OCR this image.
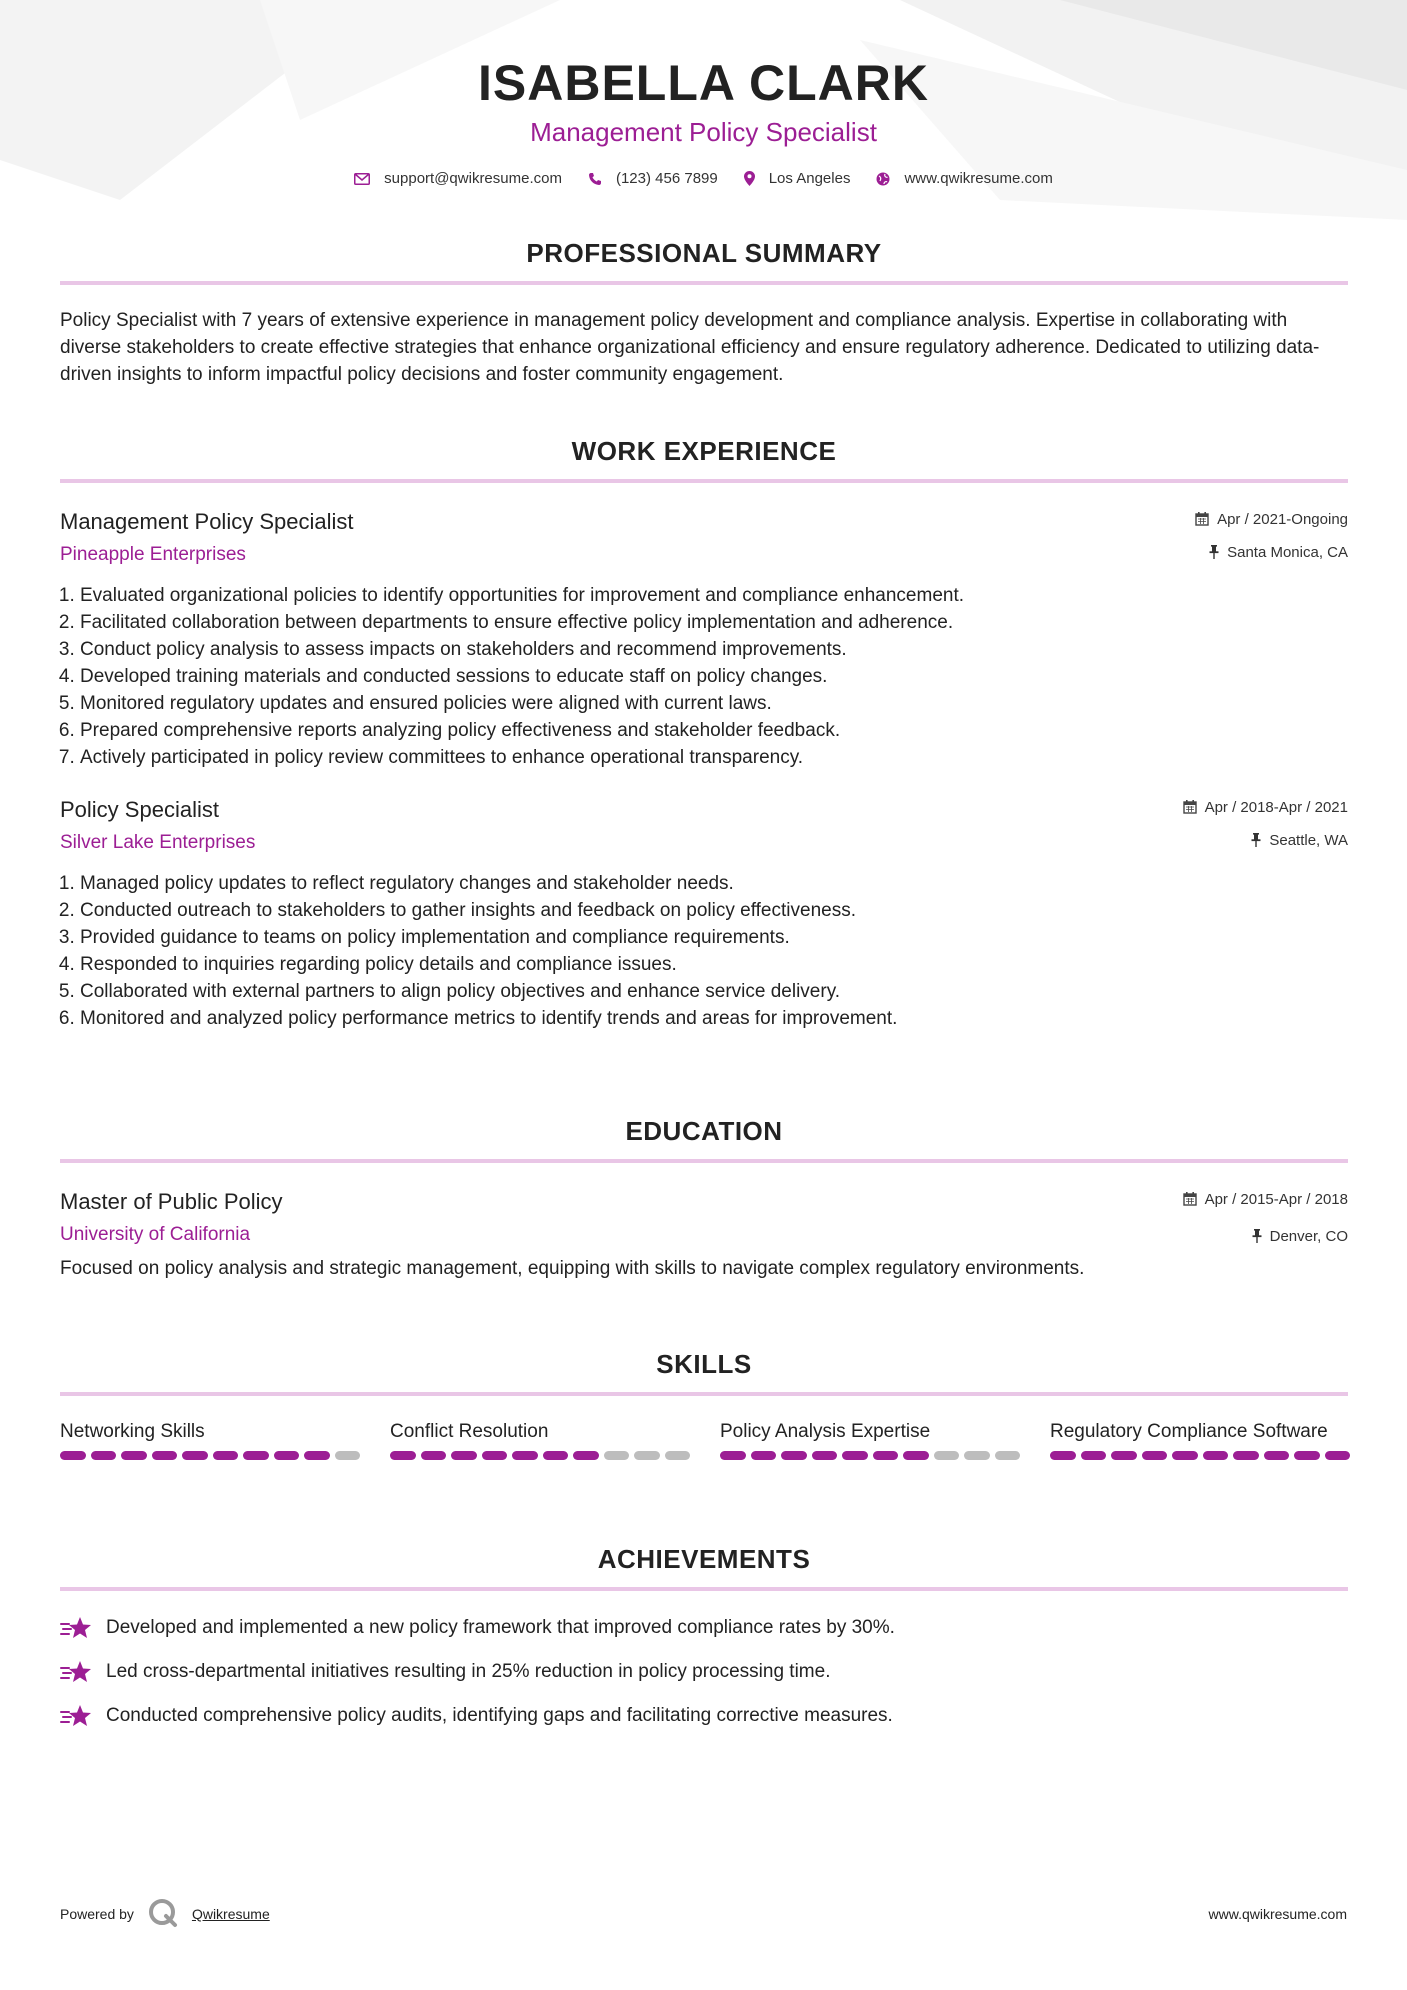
ISABELLA CLARK
Management Policy Specialist
support@qwikresume.com	(123) 456 7899	Los Angeles	www.qwikresume.com
PROFESSIONAL SUMMARY
Policy Specialist with 7 years of extensive experience in management policy development and compliance analysis. Expertise in collaborating with diverse stakeholders to create effective strategies that enhance organizational efficiency and ensure regulatory adherence. Dedicated to utilizing data-driven insights to inform impactful policy decisions and foster community engagement.
WORK EXPERIENCE
Management Policy Specialist
Pineapple Enterprises
Apr / 2021-Ongoing
Santa Monica, CA
1. Evaluated organizational policies to identify opportunities for improvement and compliance enhancement.
2. Facilitated collaboration between departments to ensure effective policy implementation and adherence.
3. Conduct policy analysis to assess impacts on stakeholders and recommend improvements.
4. Developed training materials and conducted sessions to educate staff on policy changes.
5. Monitored regulatory updates and ensured policies were aligned with current laws.
6. Prepared comprehensive reports analyzing policy effectiveness and stakeholder feedback.
7. Actively participated in policy review committees to enhance operational transparency.
Policy Specialist
Silver Lake Enterprises
Apr / 2018-Apr / 2021
Seattle, WA
1. Managed policy updates to reflect regulatory changes and stakeholder needs.
2. Conducted outreach to stakeholders to gather insights and feedback on policy effectiveness.
3. Provided guidance to teams on policy implementation and compliance requirements.
4. Responded to inquiries regarding policy details and compliance issues.
5. Collaborated with external partners to align policy objectives and enhance service delivery.
6. Monitored and analyzed policy performance metrics to identify trends and areas for improvement.
EDUCATION
Master of Public Policy
University of California
Apr / 2015-Apr / 2018
Denver, CO
Focused on policy analysis and strategic management, equipping with skills to navigate complex regulatory environments.
SKILLS
Networking Skills	Conflict Resolution	Policy Analysis Expertise	Regulatory Compliance Software
ACHIEVEMENTS
Developed and implemented a new policy framework that improved compliance rates by 30%.
Led cross-departmental initiatives resulting in 25% reduction in policy processing time.
Conducted comprehensive policy audits, identifying gaps and facilitating corrective measures.
Powered by	Qwikresume	www.qwikresume.com
